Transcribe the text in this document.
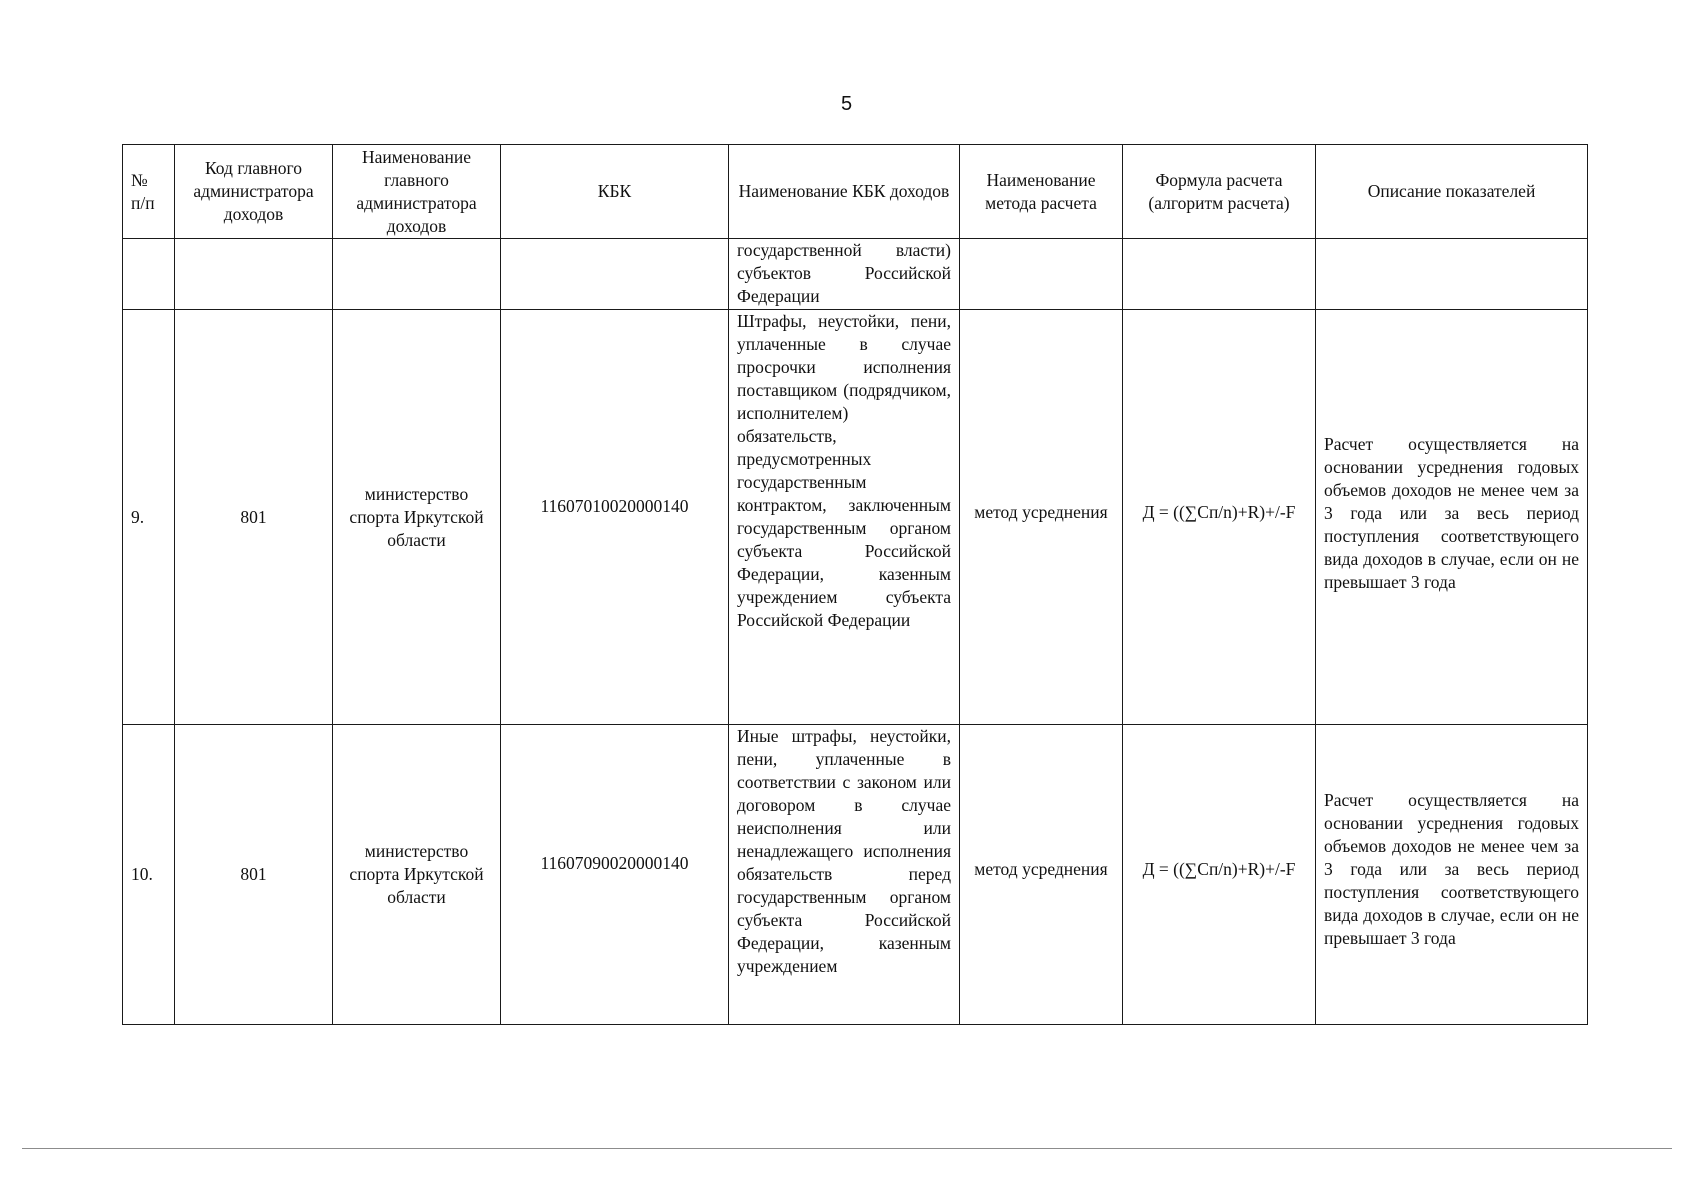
5
№ п/п	Код главного администратора доходов	Наименование главного администратора доходов	КБК	Наименование КБК доходов	Наименование метода расчета	Формула расчета (алгоритм расчета)	Описание показателей
				государственной власти) субъектов Российской Федерации			
9.	801	министерство спорта Иркутской области	11607010020000140	Штрафы, неустойки, пени, уплаченные в случае просрочки исполнения поставщиком (подрядчиком, исполнителем) обязательств, предусмотренных государственным контрактом, заключенным государственным органом субъекта Российской Федерации, казенным учреждением субъекта Российской Федерации	метод усреднения	Д = ((∑Сп/n)+R)+/-F	Расчет осуществляется на основании усреднения годовых объемов доходов не менее чем за 3 года или за весь период поступления соответствующего вида доходов в случае, если он не превышает 3 года

10.	801	министерство спорта Иркутской области	11607090020000140	Иные штрафы, неустойки, пени, уплаченные в соответствии с законом или договором в случае неисполнения или ненадлежащего исполнения обязательств перед государственным органом субъекта Российской Федерации, казенным учреждением	метод усреднения	Д = ((∑Сп/n)+R)+/-F	Расчет осуществляется на основании усреднения годовых объемов доходов не менее чем за 3 года или за весь период поступления соответствующего вида доходов в случае, если он не превышает 3 года
